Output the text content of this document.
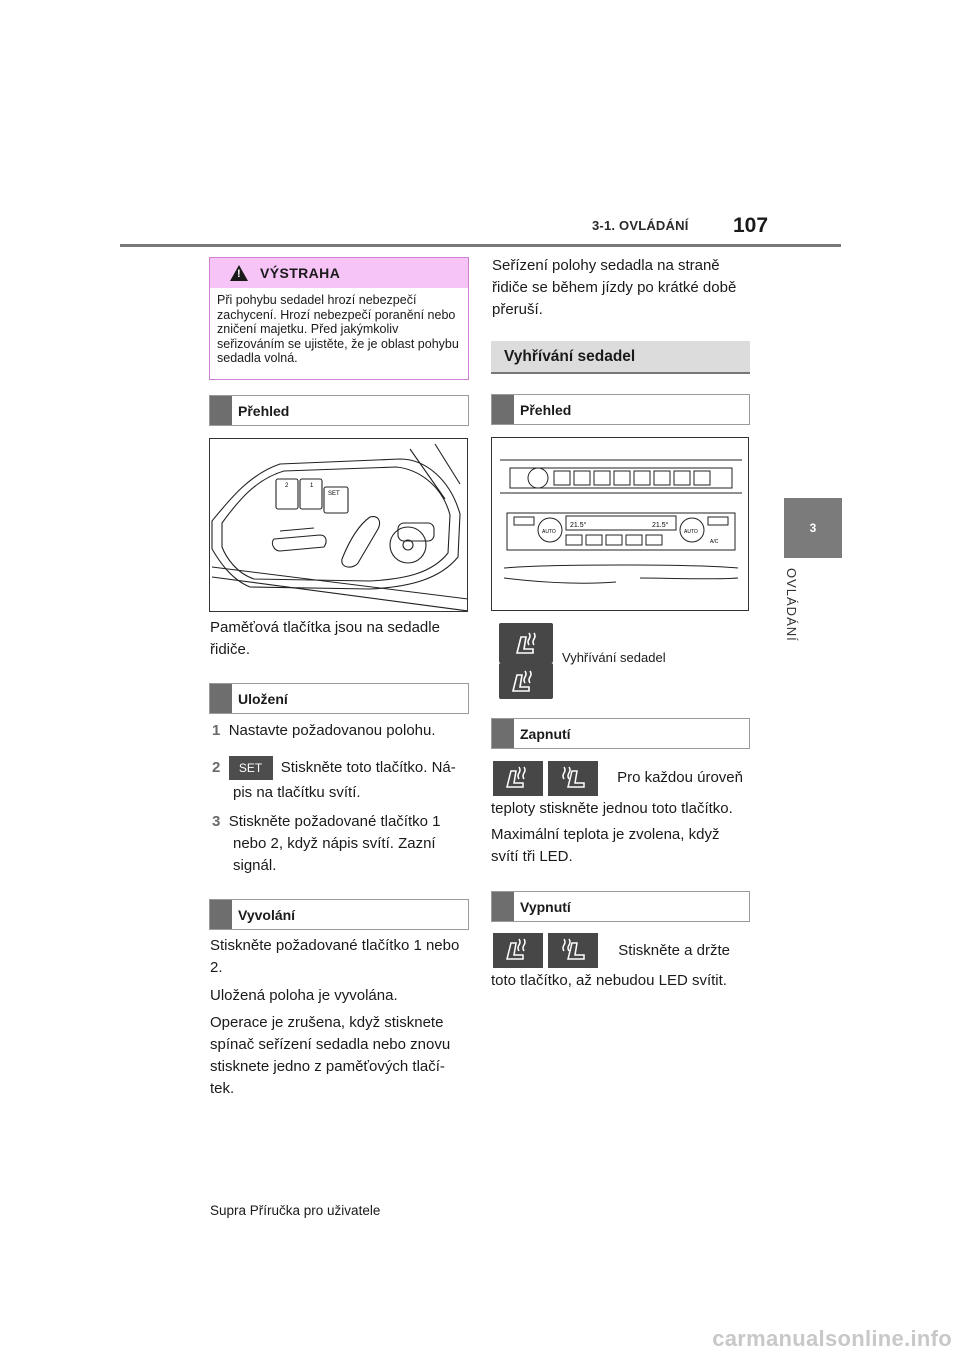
3-1. OVLÁDÁNÍ 107
3
OVLÁDÁNÍ
!
VÝSTRAHA
Při pohybu sedadel hrozí nebezpečí zachycení. Hrozí nebezpečí poranění nebo zničení majetku. Před jakýmkoliv seřizováním se ujistěte, že je oblast pohybu sedadla volná.
Přehled
2	1
SET
Paměťová tlačítka jsou na sedadle řidiče.
Uložení
1 Nastavte požadovanou polohu.
2 SET Stiskněte toto tlačítko. Ná-
pis na tlačítku svítí.
3 Stiskněte požadované tlačítko 1
nebo 2, když nápis svítí. Zazní
signál.
Vyvolání
Stiskněte požadované tlačítko 1 nebo 2.
Uložená poloha je vyvolána.
Operace je zrušena, když stisknete spínač seřízení sedadla nebo znovu stisknete jedno z paměťových tlačí- tek.
Seřízení polohy sedadla na straně řidiče se během jízdy po krátké době přeruší.
Vyhřívání sedadel
Přehled
21.5°	21.5°
AUTO	AUTO
A/C
Vyhřívání sedadel
Zapnutí
Pro každou úroveň
teploty stiskněte jednou toto tlačítko.
Maximální teplota je zvolena, když svítí tři LED.
Vypnutí
Stiskněte a držte
toto tlačítko, až nebudou LED svítit.
Supra Příručka pro uživatele
carmanualsonline.info
